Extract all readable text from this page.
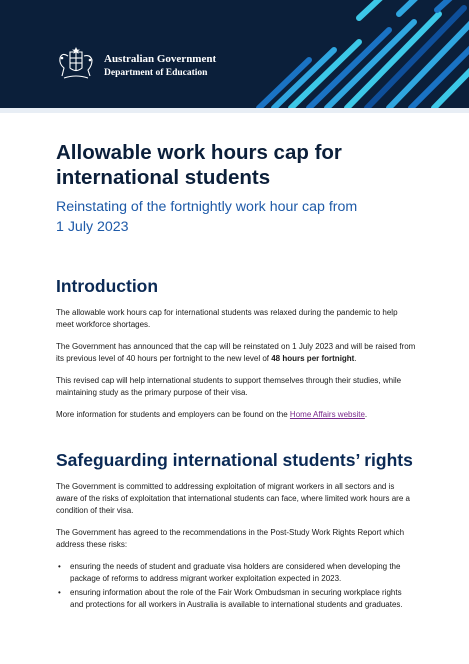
Australian Government
Department of Education
Allowable work hours cap for
international students
Reinstating of the fortnightly work hour cap from
1 July 2023
Introduction

The allowable work hours cap for international students was relaxed during the pandemic to help meet workforce shortages.

The Government has announced that the cap will be reinstated on 1 July 2023 and will be raised from its previous level of 40 hours per fortnight to the new level of 48 hours per fortnight.

This revised cap will help international students to support themselves through their studies, while maintaining study as the primary purpose of their visa.

More information for students and employers can be found on the Home Affairs website.

Safeguarding international students’ rights

The Government is committed to addressing exploitation of migrant workers in all sectors and is aware of the risks of exploitation that international students can face, where limited work hours are a condition of their visa.

The Government has agreed to the recommendations in the Post-Study Work Rights Report which address these risks:

• ensuring the needs of student and graduate visa holders are considered when developing the package of reforms to address migrant worker exploitation expected in 2023.
• ensuring information about the role of the Fair Work Ombudsman in securing workplace rights and protections for all workers in Australia is available to international students and graduates.
